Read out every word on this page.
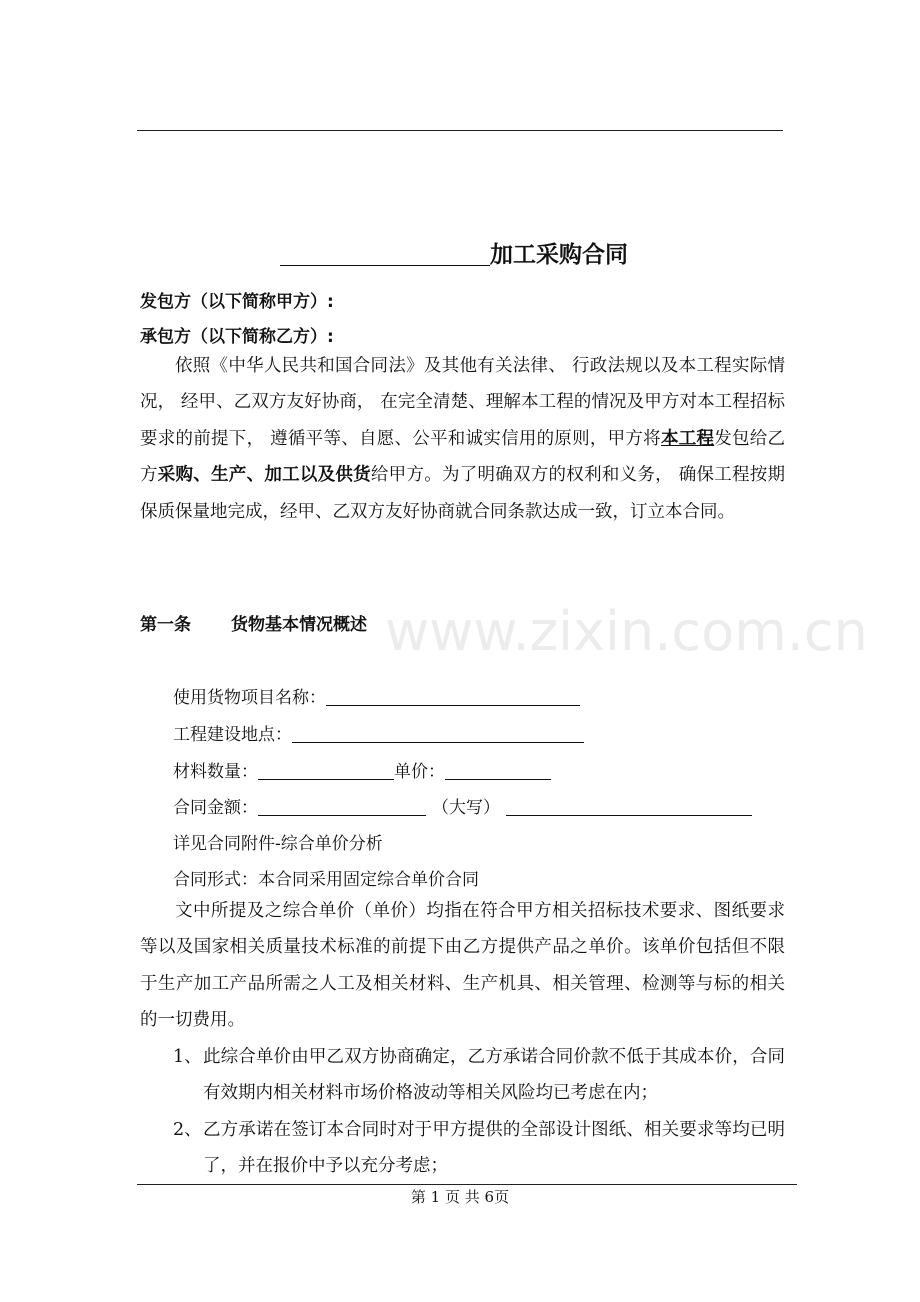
www.zixin.com.cn
加工采购合同
发包方（以下简称甲方）:
承包方（以下简称乙方）:
依照《中华人民共和国合同法》及其他有关法律、 行政法规以及本工程实际情况， 经甲、乙双方友好协商， 在完全清楚、理解本工程的情况及甲方对本工程招标要求的前提下， 遵循平等、自愿、公平和诚实信用的原则，甲方将本工程发包给乙方采购、生产、加工以及供货给甲方。为了明确双方的权利和义务， 确保工程按期保质保量地完成，经甲、乙双方友好协商就合同条款达成一致，订立本合同。
第一条 货物基本情况概述
使用货物项目名称：
工程建设地点：
材料数量：	单价：
合同金额：	（大写）
详见合同附件-综合单价分析
合同形式：本合同采用固定综合单价合同
文中所提及之综合单价（单价）均指在符合甲方相关招标技术要求、图纸要求等以及国家相关质量技术标准的前提下由乙方提供产品之单价。该单价包括但不限于生产加工产品所需之人工及相关材料、生产机具、相关管理、检测等与标的相关的一切费用。
1、 此综合单价由甲乙双方协商确定，乙方承诺合同价款不低于其成本价，合同有效期内相关材料市场价格波动等相关风险均已考虑在内；
2、 乙方承诺在签订本合同时对于甲方提供的全部设计图纸、相关要求等均已明了，并在报价中予以充分考虑；
第 1 页 共 6页
